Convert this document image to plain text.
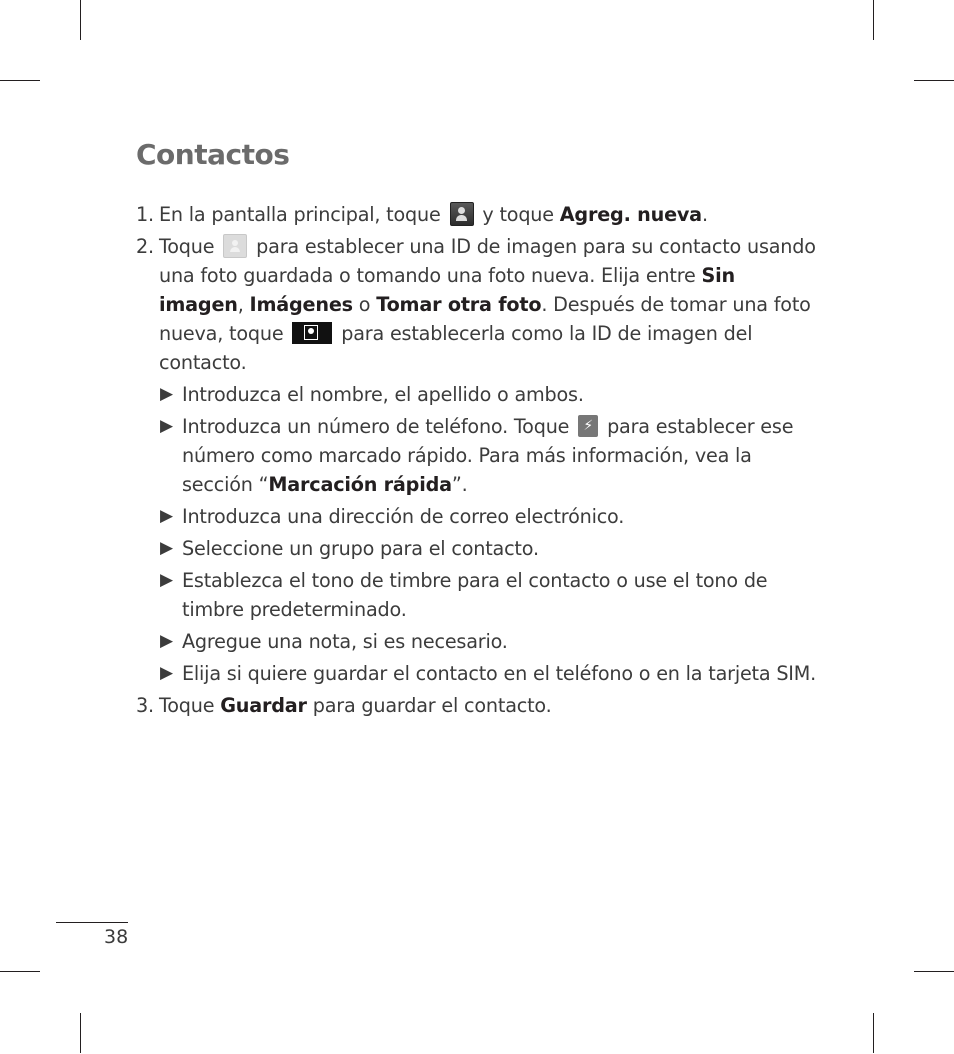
Contactos
1. En la pantalla principal, toque y toque Agreg. nueva.
2. Toque para establecer una ID de imagen para su contacto usando una foto guardada o tomando una foto nueva. Elija entre Sin imagen, Imágenes o Tomar otra foto. Después de tomar una foto nueva, toque	para establecerla como la ID de imagen del contacto.
▶ Introduzca el nombre, el apellido o ambos.
▶ Introduzca un número de teléfono. Toque ⚡ para establecer ese número como marcado rápido. Para más información, vea la sección “Marcación rápida”.
▶ Introduzca una dirección de correo electrónico.
▶ Seleccione un grupo para el contacto.
▶ Establezca el tono de timbre para el contacto o use el tono de timbre predeterminado.
▶ Agregue una nota, si es necesario.
▶ Elija si quiere guardar el contacto en el teléfono o en la tarjeta SIM.
3. Toque Guardar para guardar el contacto.
38
